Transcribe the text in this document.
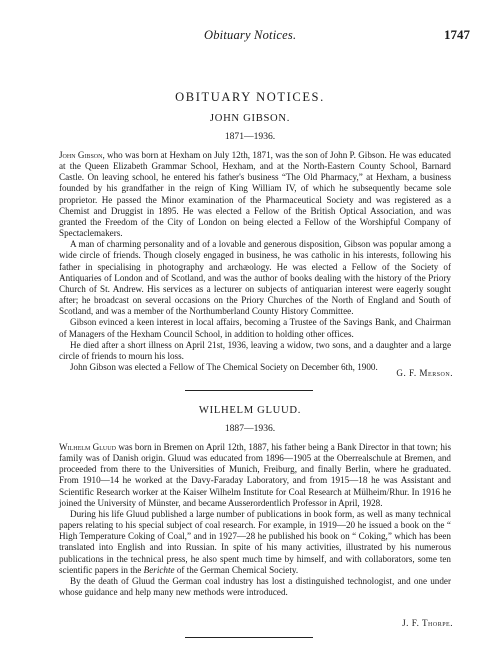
Obituary Notices.	1747
OBITUARY NOTICES.
JOHN GIBSON.
1871—1936.

John Gibson, who was born at Hexham on July 12th, 1871, was the son of John P. Gibson. He was educated at the Queen Elizabeth Grammar School, Hexham, and at the North-Eastern County School, Barnard Castle. On leaving school, he entered his father's business “The Old Pharmacy,” at Hexham, a business founded by his grandfather in the reign of King William IV, of which he subsequently became sole proprietor. He passed the Minor examination of the Pharmaceutical Society and was registered as a Chemist and Druggist in 1895. He was elected a Fellow of the British Optical Association, and was granted the Freedom of the City of London on being elected a Fellow of the Worshipful Company of Spectaclemakers.

A man of charming personality and of a lovable and generous disposition, Gibson was popular among a wide circle of friends. Though closely engaged in business, he was catholic in his interests, following his father in specialising in photography and archæology. He was elected a Fellow of the Society of Antiquaries of London and of Scotland, and was the author of books dealing with the history of the Priory Church of St. Andrew. His services as a lecturer on subjects of antiquarian interest were eagerly sought after; he broadcast on several occasions on the Priory Churches of the North of England and South of Scotland, and was a member of the Northumberland County History Committee.

Gibson evinced a keen interest in local affairs, becoming a Trustee of the Savings Bank, and Chairman of Managers of the Hexham Council School, in addition to holding other offices.

He died after a short illness on April 21st, 1936, leaving a widow, two sons, and a daughter and a large circle of friends to mourn his loss.

John Gibson was elected a Fellow of The Chemical Society on December 6th, 1900.

G. F. Merson.
WILHELM GLUUD.
1887—1936.

Wilhelm Gluud was born in Bremen on April 12th, 1887, his father being a Bank Director in that town; his family was of Danish origin. Gluud was educated from 1896—1905 at the Oberrealschule at Bremen, and proceeded from there to the Universities of Munich, Freiburg, and finally Berlin, where he graduated. From 1910—14 he worked at the Davy-Faraday Laboratory, and from 1915—18 he was Assistant and Scientific Research worker at the Kaiser Wilhelm Institute for Coal Research at Mülheim/Rhur. In 1916 he joined the University of Münster, and became Ausserordentlich Professor in April, 1928.

During his life Gluud published a large number of publications in book form, as well as many technical papers relating to his special subject of coal research. For example, in 1919—20 he issued a book on the “ High Temperature Coking of Coal,” and in 1927—28 he published his book on “ Coking,” which has been translated into English and into Russian. In spite of his many activities, illustrated by his numerous publications in the technical press, he also spent much time by himself, and with collaborators, some ten scientific papers in the Berichte of the German Chemical Society.

By the death of Gluud the German coal industry has lost a distinguished technologist, and one under whose guidance and help many new methods were introduced.

J. F. Thorpe.
